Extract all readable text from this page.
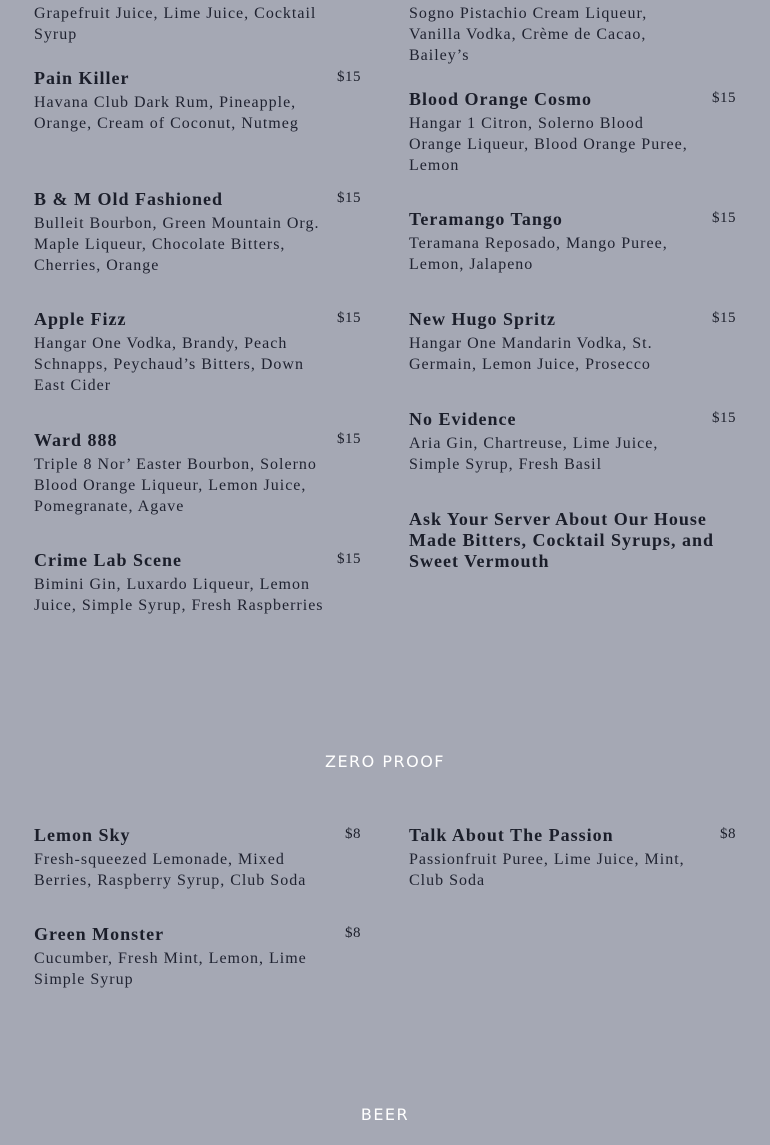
Grapefruit Juice, Lime Juice, Cocktail Syrup
Pain Killer	$15
Havana Club Dark Rum, Pineapple, Orange, Cream of Coconut, Nutmeg
B & M Old Fashioned	$15
Bulleit Bourbon, Green Mountain Org. Maple Liqueur, Chocolate Bitters, Cherries, Orange
Apple Fizz	$15
Hangar One Vodka, Brandy, Peach Schnapps, Peychaud’s Bitters, Down East Cider
Ward 888	$15
Triple 8 Nor’ Easter Bourbon, Solerno Blood Orange Liqueur, Lemon Juice, Pomegranate, Agave
Crime Lab Scene	$15
Bimini Gin, Luxardo Liqueur, Lemon Juice, Simple Syrup, Fresh Raspberries
Sogno Pistachio Cream Liqueur, Vanilla Vodka, Crème de Cacao, Bailey’s
Blood Orange Cosmo	$15
Hangar 1 Citron, Solerno Blood Orange Liqueur, Blood Orange Puree, Lemon
Teramango Tango	$15
Teramana Reposado, Mango Puree, Lemon, Jalapeno
New Hugo Spritz	$15
Hangar One Mandarin Vodka, St. Germain, Lemon Juice, Prosecco
No Evidence	$15
Aria Gin, Chartreuse, Lime Juice, Simple Syrup, Fresh Basil
Ask Your Server About Our House Made Bitters, Cocktail Syrups, and Sweet Vermouth
ZERO PROOF
Lemon Sky	$8
Fresh-squeezed Lemonade, Mixed Berries, Raspberry Syrup, Club Soda
Green Monster	$8
Cucumber, Fresh Mint, Lemon, Lime Simple Syrup
Talk About The Passion	$8
Passionfruit Puree, Lime Juice, Mint, Club Soda
BEER
